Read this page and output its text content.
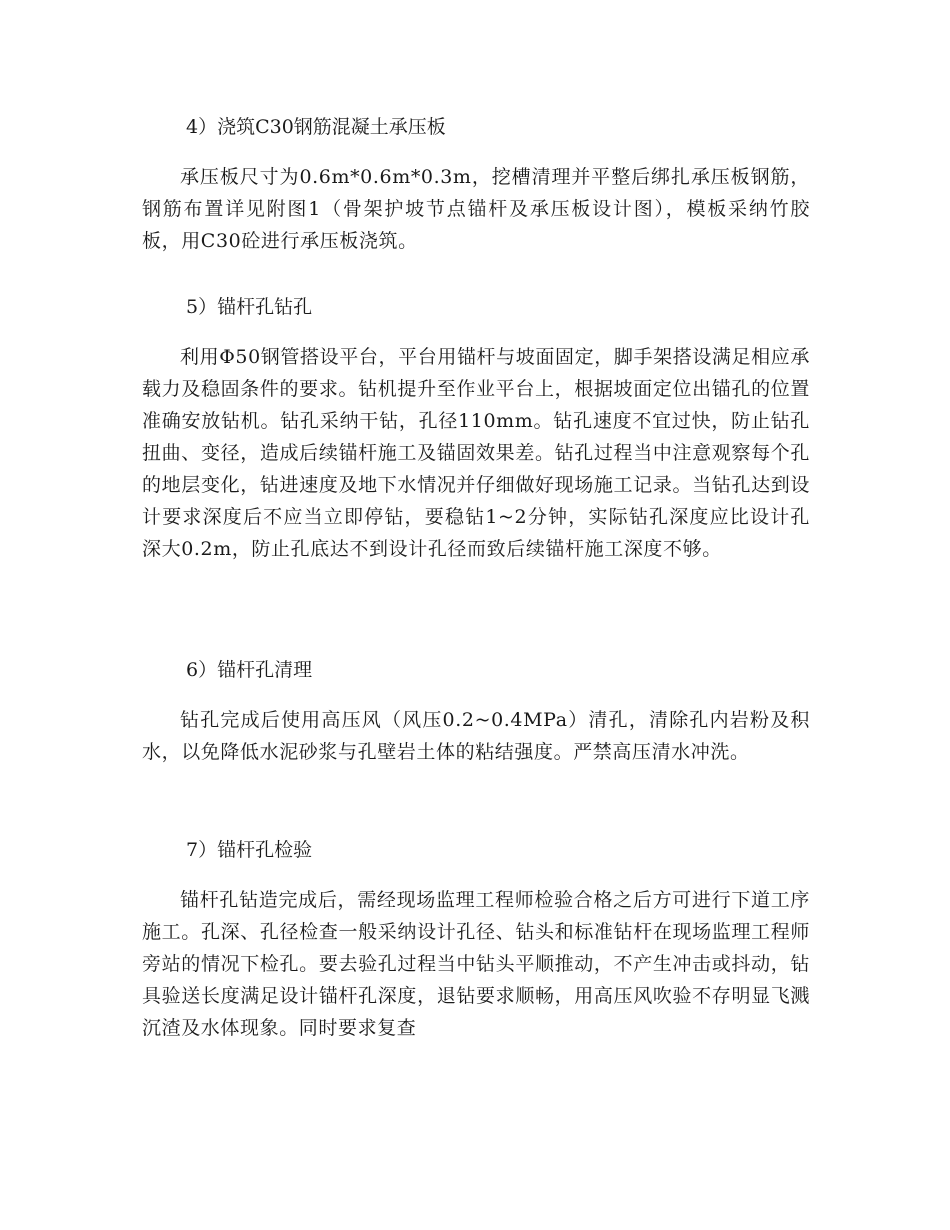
4）浇筑C30钢筋混凝土承压板

承压板尺寸为0.6m*0.6m*0.3m，挖槽清理并平整后绑扎承压板钢筋，钢筋布置详见附图1（骨架护坡节点锚杆及承压板设计图），模板采纳竹胶板，用C30砼进行承压板浇筑。

5）锚杆孔钻孔

利用Φ50钢管搭设平台，平台用锚杆与坡面固定，脚手架搭设满足相应承载力及稳固条件的要求。钻机提升至作业平台上，根据坡面定位出锚孔的位置准确安放钻机。钻孔采纳干钻，孔径110mm。钻孔速度不宜过快，防止钻孔扭曲、变径，造成后续锚杆施工及锚固效果差。钻孔过程当中注意观察每个孔的地层变化，钻进速度及地下水情况并仔细做好现场施工记录。当钻孔达到设计要求深度后不应当立即停钻，要稳钻1~2分钟，实际钻孔深度应比设计孔深大0.2m，防止孔底达不到设计孔径而致后续锚杆施工深度不够。

6）锚杆孔清理

钻孔完成后使用高压风（风压0.2~0.4MPa）清孔，清除孔内岩粉及积水，以免降低水泥砂浆与孔壁岩土体的粘结强度。严禁高压清水冲洗。

7）锚杆孔检验

锚杆孔钻造完成后，需经现场监理工程师检验合格之后方可进行下道工序施工。孔深、孔径检查一般采纳设计孔径、钻头和标准钻杆在现场监理工程师旁站的情况下检孔。要去验孔过程当中钻头平顺推动，不产生冲击或抖动，钻具验送长度满足设计锚杆孔深度，退钻要求顺畅，用高压风吹验不存明显飞溅沉渣及水体现象。同时要求复查
